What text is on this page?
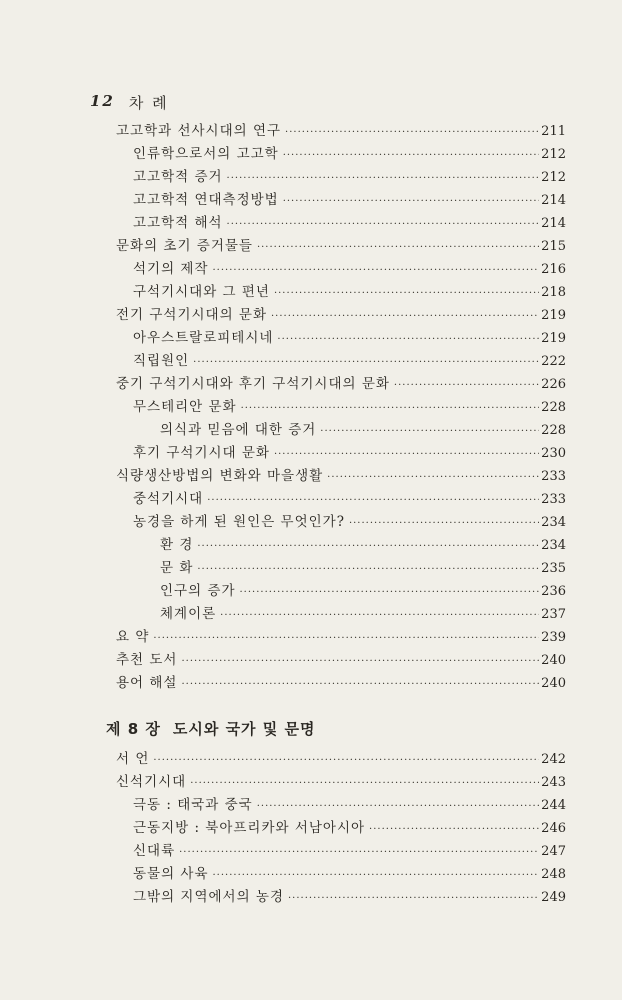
12 차 례
고고학과 선사시대의 연구 ·····	211
인류학으로서의 고고학 ·····	212
고고학적 증거 ·····	212
고고학적 연대측정방법 ·····	214
고고학적 해석 ·····	214
문화의 초기 증거물들 ·····	215
석기의 제작 ·····	216
구석기시대와 그 편년 ·····	218
전기 구석기시대의 문화 ·····	219
아우스트랄로피테시네 ·····	219
직립원인 ·····	222
중기 구석기시대와 후기 구석기시대의 문화 ·····	226
무스테리안 문화 ·····	228
의식과 믿음에 대한 증거 ·····	228
후기 구석기시대 문화 ·····	230
식량생산방법의 변화와 마을생활 ·····	233
중석기시대 ·····	233
농경을 하게 된 원인은 무엇인가? ·····	234
환 경 ·····	234
문 화 ·····	235
인구의 증가 ·····	236
체계이론 ·····	237
요 약 ·····	239
추천 도서 ·····	240
용어 해설 ·····	240
제 8 장 도시와 국가 및 문명
서 언 ·····	242
신석기시대 ·····	243
극동 : 태국과 중국 ·····	244
근동지방 : 북아프리카와 서남아시아 ·····	246
신대륙 ·····	247
동물의 사육 ·····	248
그밖의 지역에서의 농경 ·····	249
